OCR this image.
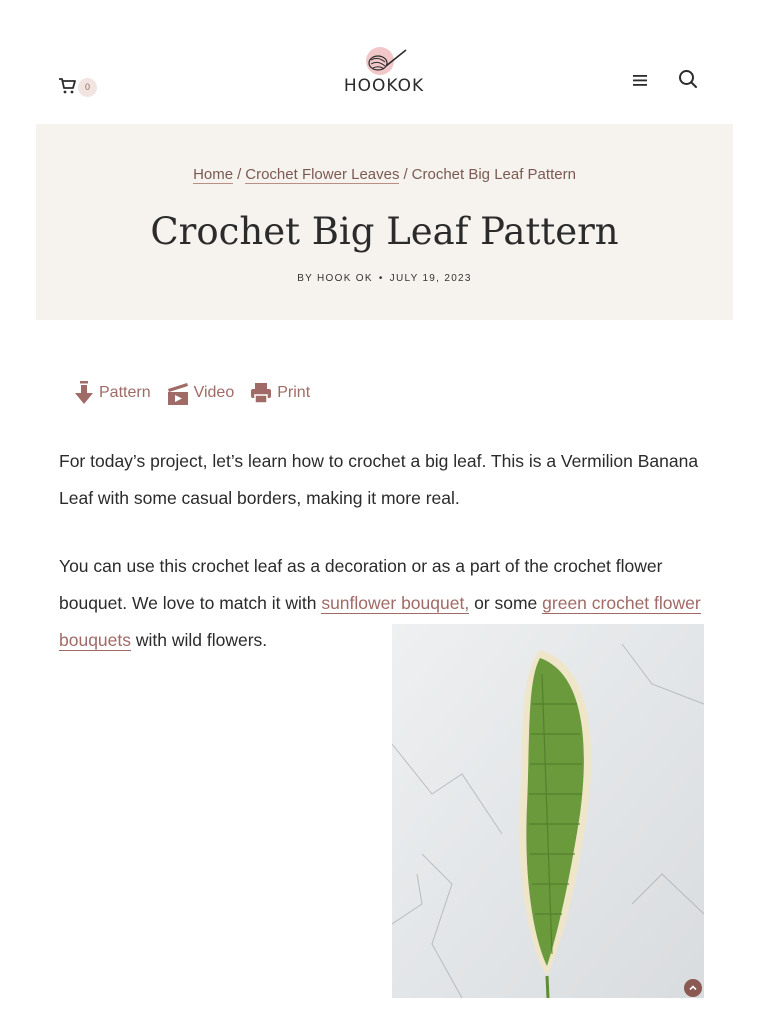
0	HOOKOK
Home / Crochet Flower Leaves / Crochet Big Leaf Pattern
Crochet Big Leaf Pattern
BY HOOK OK • JULY 19, 2023
Pattern	Video	Print

For today’s project, let’s learn how to crochet a big leaf. This is a Vermilion Banana Leaf with some casual borders, making it more real.

You can use this crochet leaf as a decoration or as a part of the crochet flower bouquet. We love to match it with sunflower bouquet, or some green crochet flower bouquets with wild flowers.
